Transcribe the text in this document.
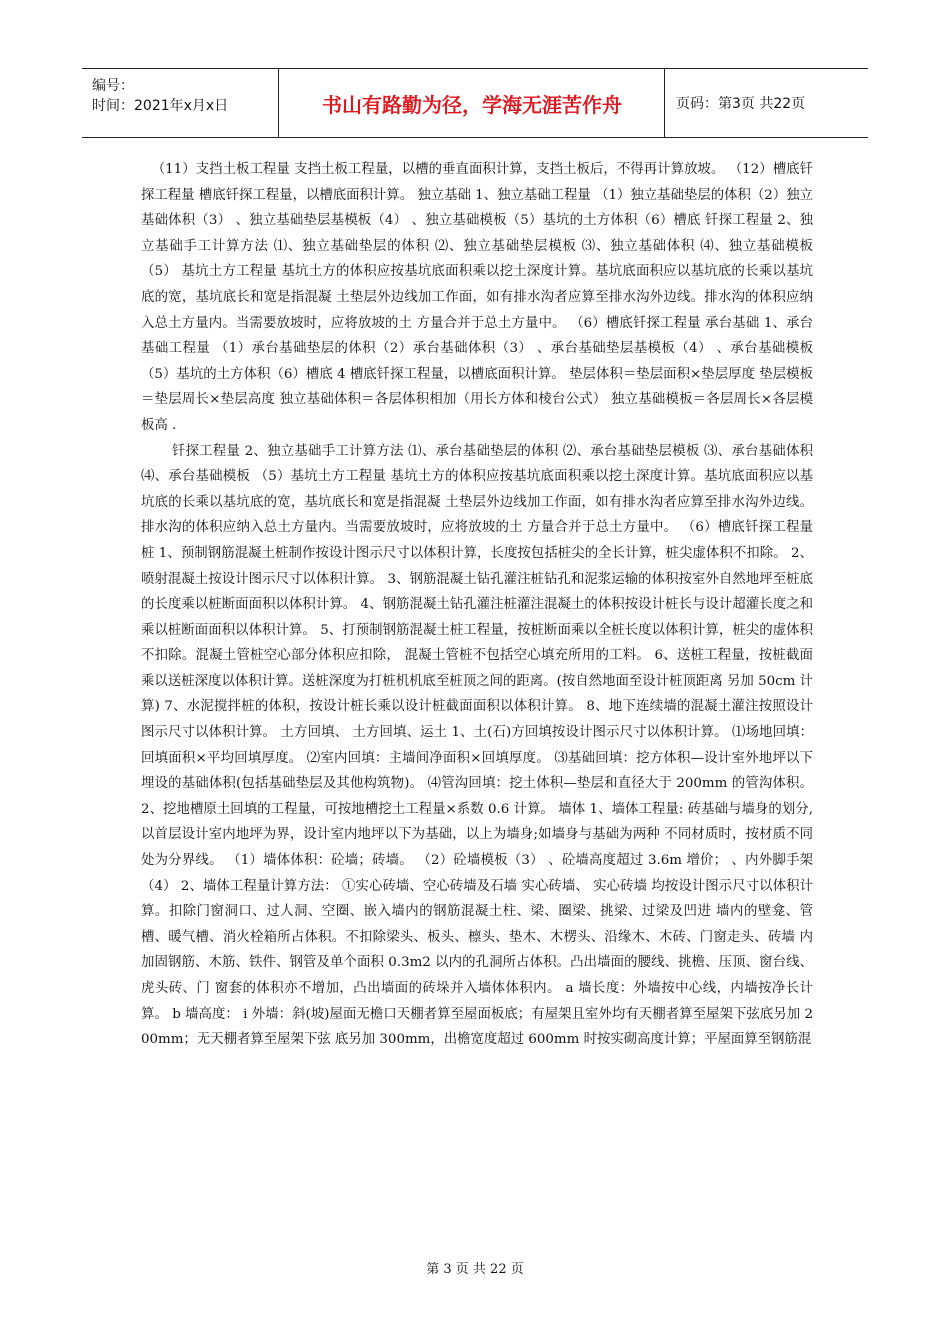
编号：
时间：2021年x月x日	书山有路勤为径，学海无涯苦作舟	页码：第3页 共22页

（11）支挡土板工程量 支挡土板工程量，以槽的垂直面积计算，支挡土板后，不得再计算放坡。 （12）槽底钎探工程量 槽底钎探工程量，以槽底面积计算。 独立基础 1、独立基础工程量 （1）独立基础垫层的体积（2）独立基础体积（3） 、独立基础垫层基模板（4） 、独立基础模板（5）基坑的土方体积（6）槽底 钎探工程量 2、独立基础手工计算方法 ⑴、独立基础垫层的体积 ⑵、独立基础垫层模板 ⑶、独立基础体积 ⑷、独立基础模板 （5） 基坑土方工程量 基坑土方的体积应按基坑底面积乘以挖土深度计算。基坑底面积应以基坑底的长乘以基坑底的宽，基坑底长和宽是指混凝 土垫层外边线加工作面，如有排水沟者应算至排水沟外边线。排水沟的体积应纳入总土方量内。当需要放坡时，应将放坡的土 方量合并于总土方量中。 （6）槽底钎探工程量 承台基础 1、承台基础工程量 （1）承台基础垫层的体积（2）承台基础体积（3） 、承台基础垫层基模板（4） 、承台基础模板（5）基坑的土方体积（6）槽底 4 槽底钎探工程量，以槽底面积计算。 垫层体积＝垫层面积×垫层厚度 垫层模板＝垫层周长×垫层高度 独立基础体积＝各层体积相加（用长方体和棱台公式） 独立基础模板＝各层周长×各层模板高 .

钎探工程量 2、独立基础手工计算方法 ⑴、承台基础垫层的体积 ⑵、承台基础垫层模板 ⑶、承台基础体积 ⑷、承台基础模板 （5）基坑土方工程量 基坑土方的体积应按基坑底面积乘以挖土深度计算。基坑底面积应以基坑底的长乘以基坑底的宽，基坑底长和宽是指混凝 土垫层外边线加工作面，如有排水沟者应算至排水沟外边线。排水沟的体积应纳入总土方量内。当需要放坡时，应将放坡的土 方量合并于总土方量中。 （6）槽底钎探工程量 桩 1、预制钢筋混凝土桩制作按设计图示尺寸以体积计算，长度按包括桩尖的全长计算，桩尖虚体积不扣除。 2、喷射混凝土按设计图示尺寸以体积计算。 3、钢筋混凝土钻孔灌注桩钻孔和泥浆运输的体积按室外自然地坪至桩底的长度乘以桩断面面积以体积计算。 4、钢筋混凝土钻孔灌注桩灌注混凝土的体积按设计桩长与设计超灌长度之和乘以桩断面面积以体积计算。 5、打预制钢筋混凝土桩工程量，按桩断面乘以全桩长度以体积计算，桩尖的虚体积不扣除。混凝土管桩空心部分体积应扣除， 混凝土管桩不包括空心填充所用的工料。 6、送桩工程量，按桩截面乘以送桩深度以体积计算。送桩深度为打桩机机底至桩顶之间的距离。(按自然地面至设计桩顶距离 另加 50cm 计算) 7、水泥搅拌桩的体积，按设计桩长乘以设计桩截面面积以体积计算。 8、地下连续墙的混凝土灌注按照设计图示尺寸以体积计算。 土方回填、 土方回填、运土 1、土(石)方回填按设计图示尺寸以体积计算。 ⑴场地回填：回填面积×平均回填厚度。 ⑵室内回填：主墙间净面积×回填厚度。 ⑶基础回填：挖方体积—设计室外地坪以下埋设的基础体积(包括基础垫层及其他构筑物)。 ⑷管沟回填：挖土体积—垫层和直径大于 200mm 的管沟体积。 2、挖地槽原土回填的工程量，可按地槽挖土工程量×系数 0.6 计算。 墙体 1、墙体工程量: 砖基础与墙身的划分,以首层设计室内地坪为界，设计室内地坪以下为基础，以上为墙身;如墙身与基础为两种 不同材质时，按材质不同处为分界线。 （1）墙体体积：砼墙；砖墙。 （2）砼墙模板（3） 、砼墙高度超过 3.6m 增价； 、内外脚手架 （4） 2、墙体工程量计算方法： ①实心砖墙、空心砖墙及石墙 实心砖墙、 实心砖墙 均按设计图示尺寸以体积计算。扣除门窗洞口、过人洞、空圈、嵌入墙内的钢筋混凝土柱、梁、圈梁、挑梁、过梁及凹进 墙内的壁龛、管槽、暖气槽、消火栓箱所占体积。不扣除梁头、板头、檩头、垫木、木楞头、沿缘木、木砖、门窗走头、砖墙 内加固钢筋、木筋、铁件、钢管及单个面积 0.3m2 以内的孔洞所占体积。凸出墙面的腰线、挑檐、压顶、窗台线、虎头砖、门 窗套的体积亦不增加，凸出墙面的砖垛并入墙体体积内。 a 墙长度：外墙按中心线，内墙按净长计算。 b 墙高度： i 外墙：斜(坡)屋面无檐口天棚者算至屋面板底；有屋架且室外均有天棚者算至屋架下弦底另加 200mm；无天棚者算至屋架下弦 底另加 300mm，出檐宽度超过 600mm 时按实砌高度计算；平屋面算至钢筋混

第 3 页 共 22 页
